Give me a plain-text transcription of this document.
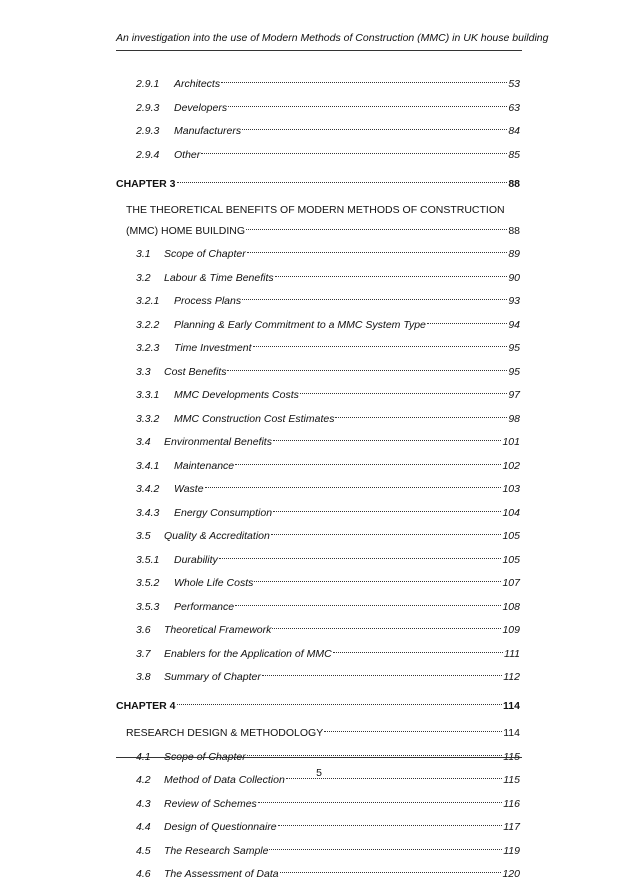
An investigation into the use of Modern Methods of Construction (MMC) in UK house building
2.9.1	Architects	53
2.9.3	Developers	63
2.9.3	Manufacturers	84
2.9.4	Other	85
CHAPTER 3	88
THE THEORETICAL BENEFITS OF MODERN METHODS OF CONSTRUCTION
(MMC) HOME BUILDING	88
3.1	Scope of Chapter	89
3.2	Labour & Time Benefits	90
3.2.1	Process Plans	93
3.2.2	Planning & Early Commitment to a MMC System Type	94
3.2.3	Time Investment	95
3.3	Cost Benefits	95
3.3.1	MMC Developments Costs	97
3.3.2	MMC Construction Cost Estimates	98
3.4	Environmental Benefits	101
3.4.1	Maintenance	102
3.4.2	Waste	103
3.4.3	Energy Consumption	104
3.5	Quality & Accreditation	105
3.5.1	Durability	105
3.5.2	Whole Life Costs	107
3.5.3	Performance	108
3.6	Theoretical Framework	109
3.7	Enablers for the Application of MMC	111
3.8	Summary of Chapter	112
CHAPTER 4	114
RESEARCH DESIGN & METHODOLOGY	114
4.1	Scope of Chapter	115
4.2	Method of Data Collection	115
4.3	Review of Schemes	116
4.4	Design of Questionnaire	117
4.5	The Research Sample	119
4.6	The Assessment of Data	120
5
